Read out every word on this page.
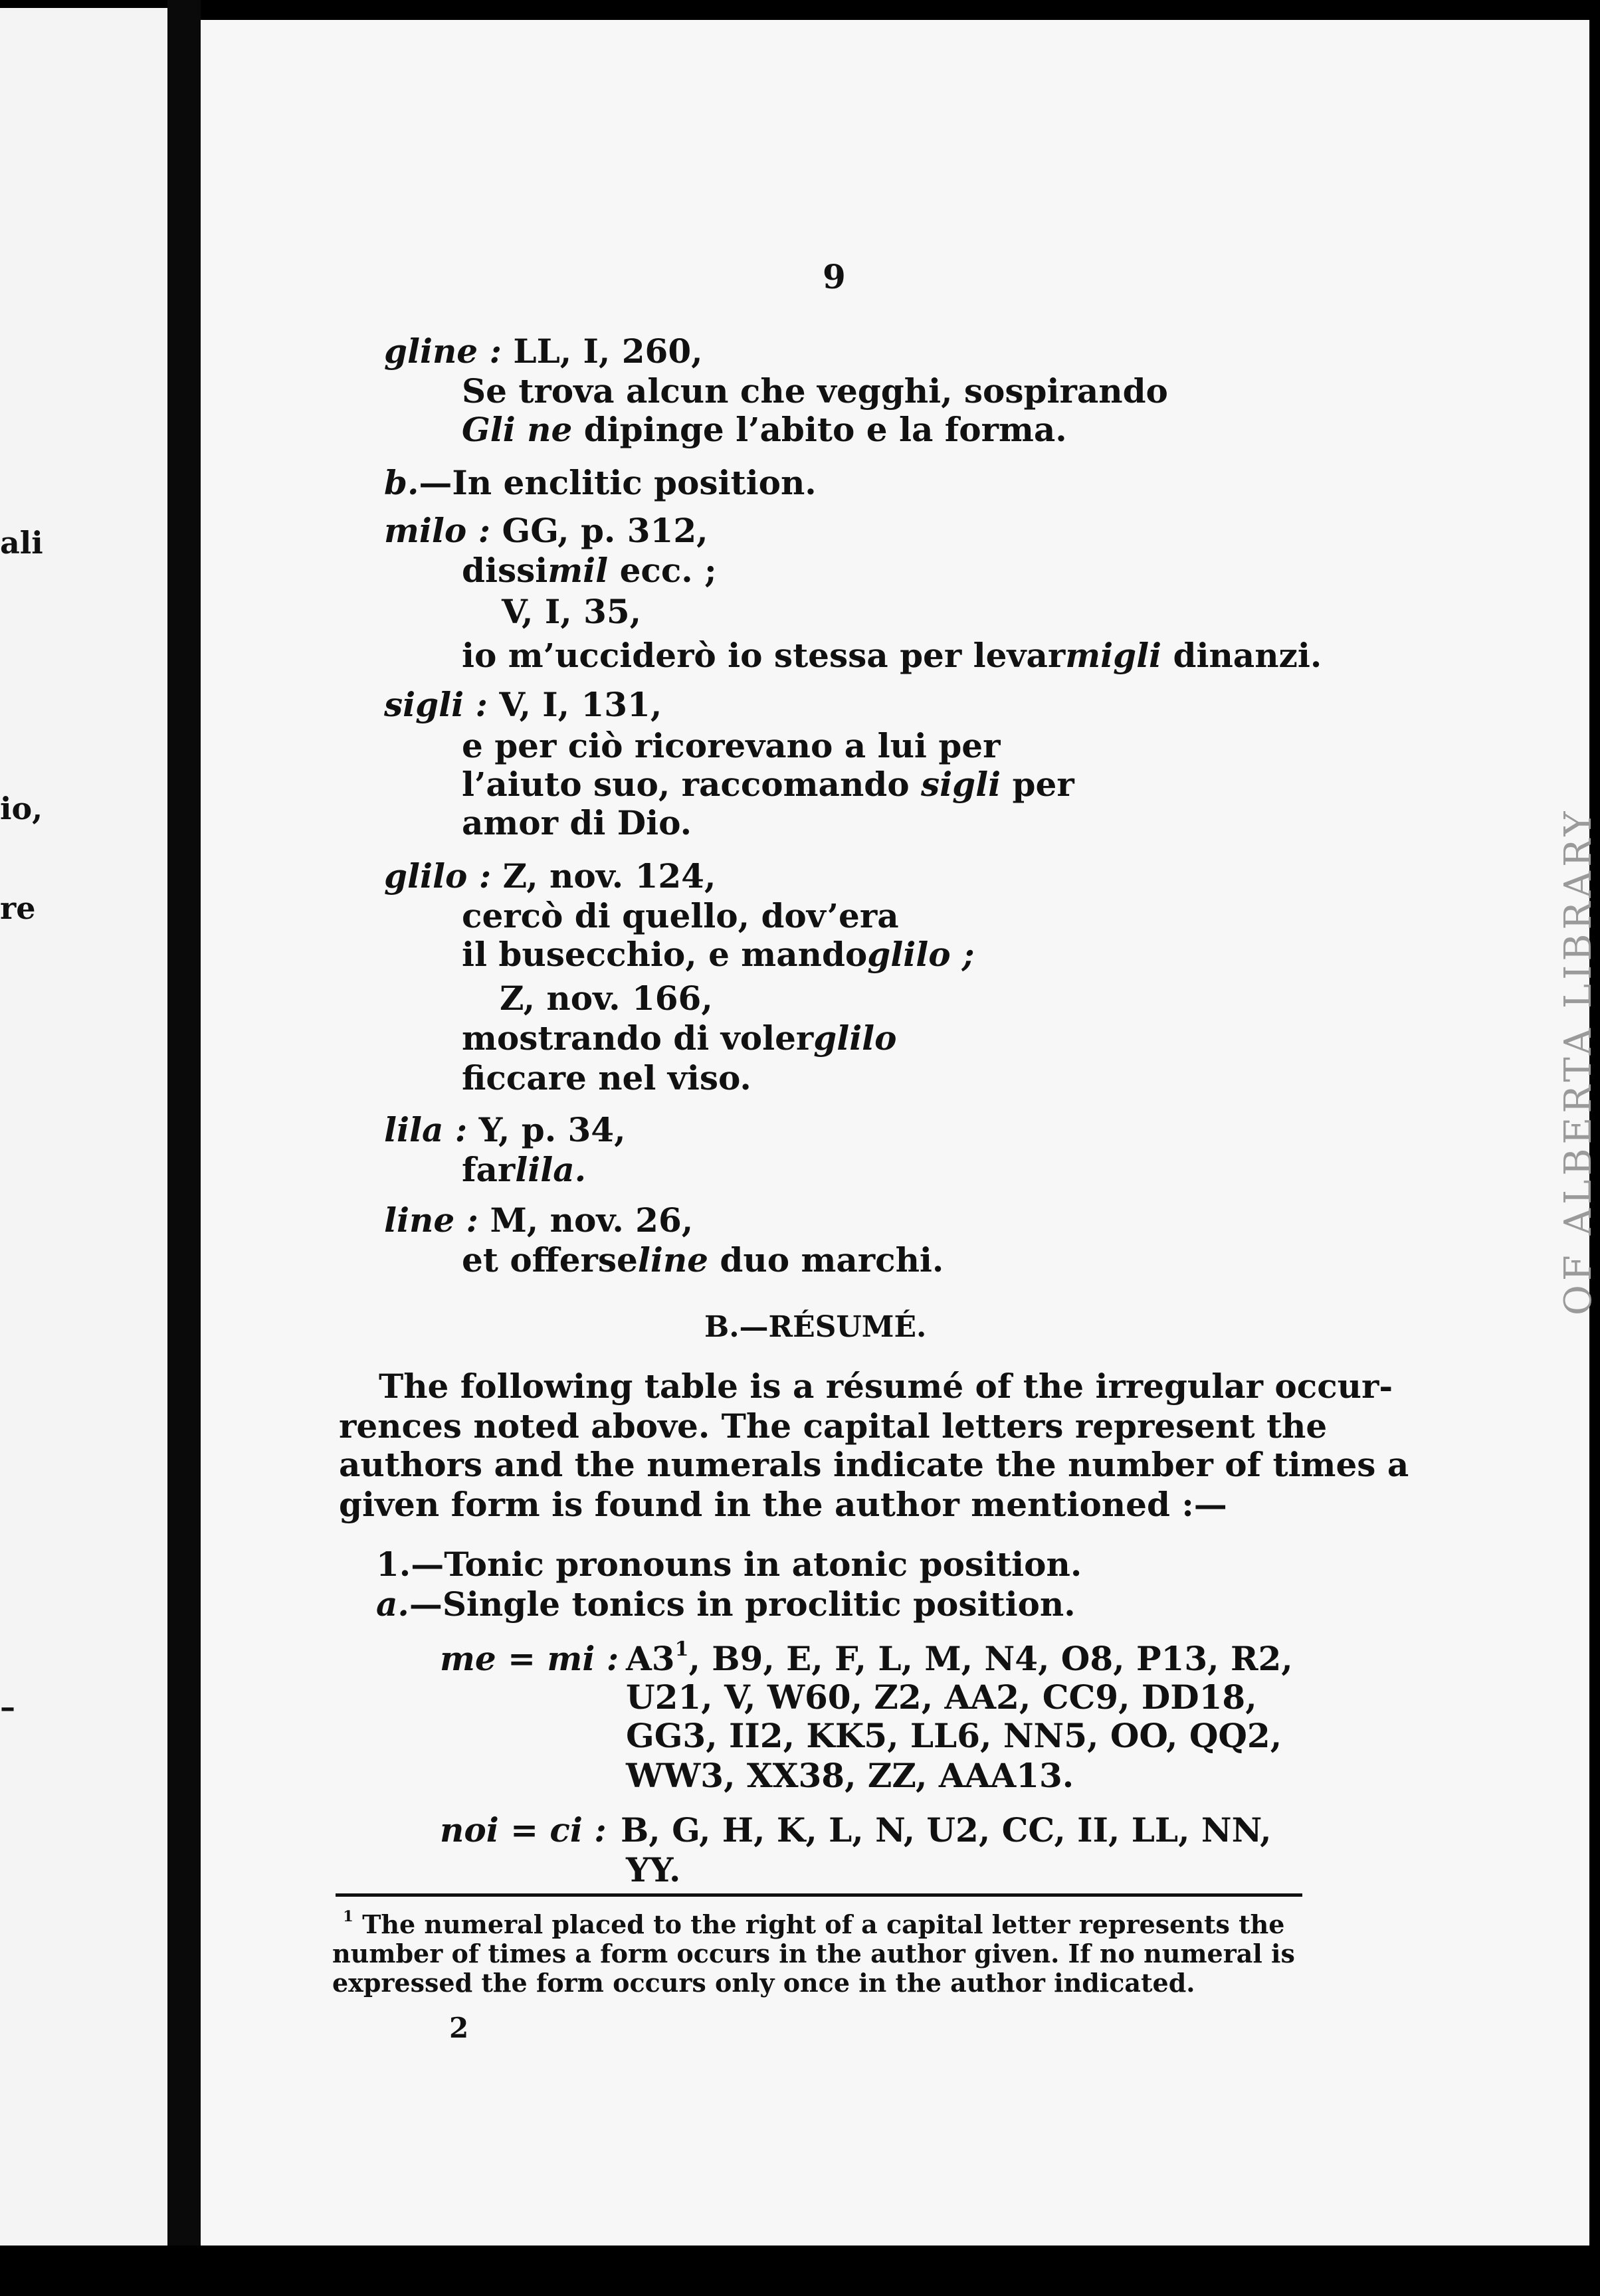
ali
io,
re
–
OF ALBERTA LIBRARY
9
gline : LL, I, 260,
Se trova alcun che vegghi, sospirando
Gli ne dipinge l’abito e la forma.
b.—In enclitic position.
milo : GG, p. 312,
dissimil ecc. ;
V, I, 35,
io m’ucciderò io stessa per levarmigli dinanzi.
sigli : V, I, 131,
e per ciò ricorevano a lui per
l’aiuto suo, raccomando sigli per
amor di Dio.
glilo : Z, nov. 124,
cercò di quello, dov’era
il busecchio, e mandoglilo ;
Z, nov. 166,
mostrando di volerglilo
ficcare nel viso.
lila : Y, p. 34,
farlila.
line : M, nov. 26,
et offerseline duo marchi.
B.—RÉSUMÉ.
The following table is a résumé of the irregular occur-
rences noted above. The capital letters represent the
authors and the numerals indicate the number of times a
given form is found in the author mentioned :—
1.—Tonic pronouns in atonic position.
a.—Single tonics in proclitic position.
me = mi : $A3^1$, B9, E, F, L, M, N4, O8, P13, R2,
U21, V, W60, Z2, AA2, CC9, DD18,
GG3, II2, KK5, LL6, NN5, OO, QQ2,
WW3, XX38, ZZ, AAA13.
noi = ci : B, G, H, K, L, N, U2, CC, II, LL, NN,
YY.
$^1$ The numeral placed to the right of a capital letter represents the
number of times a form occurs in the author given. If no numeral is
expressed the form occurs only once in the author indicated.
2
